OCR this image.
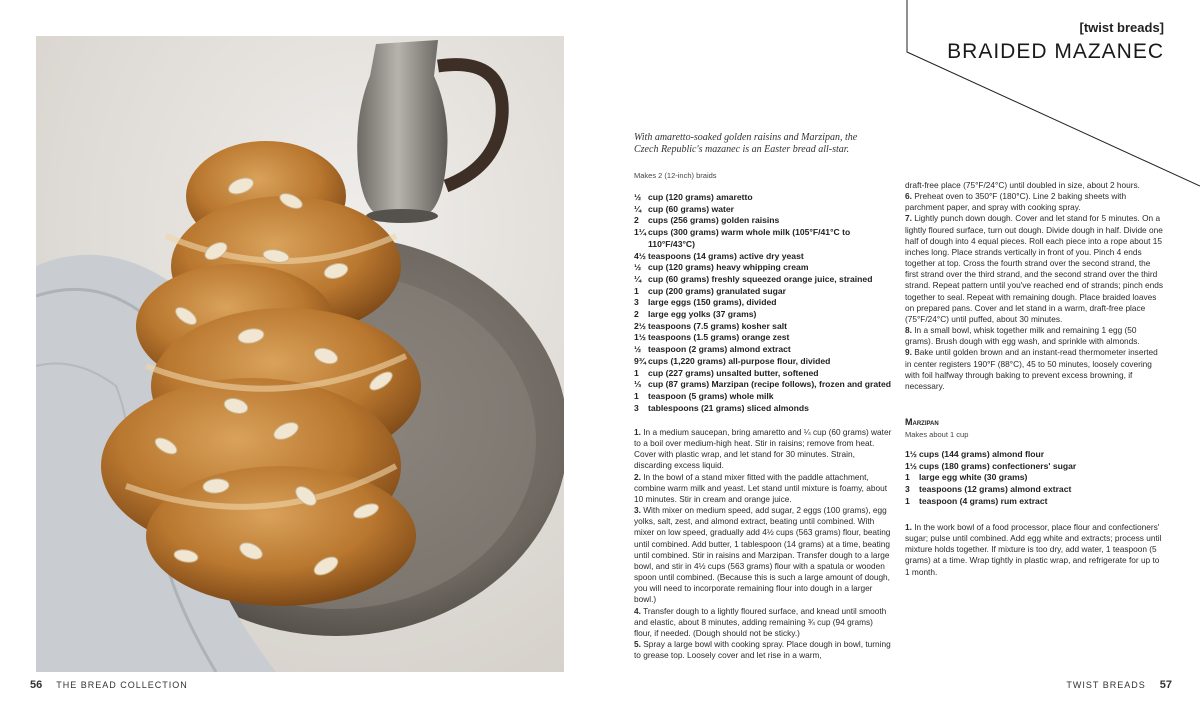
56 THE BREAD COLLECTION
[twist breads]
BRAIDED MAZANEC
With amaretto-soaked golden raisins and Marzipan, the Czech Republic's mazanec is an Easter bread all-star.
Makes 2 (12-inch) braids
½ cup (120 grams) amaretto
¼ cup (60 grams) water
2	cups (256 grams) golden raisins
1¼ cups (300 grams) warm whole milk (105°F/41°C to 110°F/43°C)
4½ teaspoons (14 grams) active dry yeast
½ cup (120 grams) heavy whipping cream
¼ cup (60 grams) freshly squeezed orange juice, strained
1	cup (200 grams) granulated sugar
3	large eggs (150 grams), divided
2	large egg yolks (37 grams)
2½ teaspoons (7.5 grams) kosher salt
1½ teaspoons (1.5 grams) orange zest
½ teaspoon (2 grams) almond extract
9¾ cups (1,220 grams) all-purpose flour, divided
1	cup (227 grams) unsalted butter, softened
⅓ cup (87 grams) Marzipan (recipe follows), frozen and grated
1	teaspoon (5 grams) whole milk
3	tablespoons (21 grams) sliced almonds

1. In a medium saucepan, bring amaretto and ¼ cup (60 grams) water to a boil over medium-high heat. Stir in raisins; remove from heat. Cover with plastic wrap, and let stand for 30 minutes. Strain, discarding excess liquid.

2. In the bowl of a stand mixer fitted with the paddle attachment, combine warm milk and yeast. Let stand until mixture is foamy, about 10 minutes. Stir in cream and orange juice.

3. With mixer on medium speed, add sugar, 2 eggs (100 grams), egg yolks, salt, zest, and almond extract, beating until combined. With mixer on low speed, gradually add 4½ cups (563 grams) flour, beating until combined. Add butter, 1 tablespoon (14 grams) at a time, beating until combined. Stir in raisins and Marzipan. Transfer dough to a large bowl, and stir in 4½ cups (563 grams) flour with a spatula or wooden spoon until combined. (Because this is such a large amount of dough, you will need to incorporate remaining flour into dough in a larger bowl.)

4. Transfer dough to a lightly floured surface, and knead until smooth and elastic, about 8 minutes, adding remaining ¾ cup (94 grams) flour, if needed. (Dough should not be sticky.)

5. Spray a large bowl with cooking spray. Place dough in bowl, turning to grease top. Loosely cover and let rise in a warm,

draft-free place (75°F/24°C) until doubled in size, about 2 hours.

6. Preheat oven to 350°F (180°C). Line 2 baking sheets with parchment paper, and spray with cooking spray.

7. Lightly punch down dough. Cover and let stand for 5 minutes. On a lightly floured surface, turn out dough. Divide dough in half. Divide one half of dough into 4 equal pieces. Roll each piece into a rope about 15 inches long. Place strands vertically in front of you. Pinch 4 ends together at top. Cross the fourth strand over the second strand, the first strand over the third strand, and the second strand over the third strand. Repeat pattern until you've reached end of strands; pinch ends together to seal. Repeat with remaining dough. Place braided loaves on prepared pans. Cover and let stand in a warm, draft-free place (75°F/24°C) until puffed, about 30 minutes.

8. In a small bowl, whisk together milk and remaining 1 egg (50 grams). Brush dough with egg wash, and sprinkle with almonds.

9. Bake until golden brown and an instant-read thermometer inserted in center registers 190°F (88°C), 45 to 50 minutes, loosely covering with foil halfway through baking to prevent excess browning, if necessary.

Marzipan
Makes about 1 cup
1½ cups (144 grams) almond flour
1½ cups (180 grams) confectioners' sugar
1	large egg white (30 grams)
3	teaspoons (12 grams) almond extract
1	teaspoon (4 grams) rum extract

1. In the work bowl of a food processor, place flour and confectioners' sugar; pulse until combined. Add egg white and extracts; process until mixture holds together. If mixture is too dry, add water, 1 teaspoon (5 grams) at a time. Wrap tightly in plastic wrap, and refrigerate for up to 1 month.

TWIST BREADS 57
